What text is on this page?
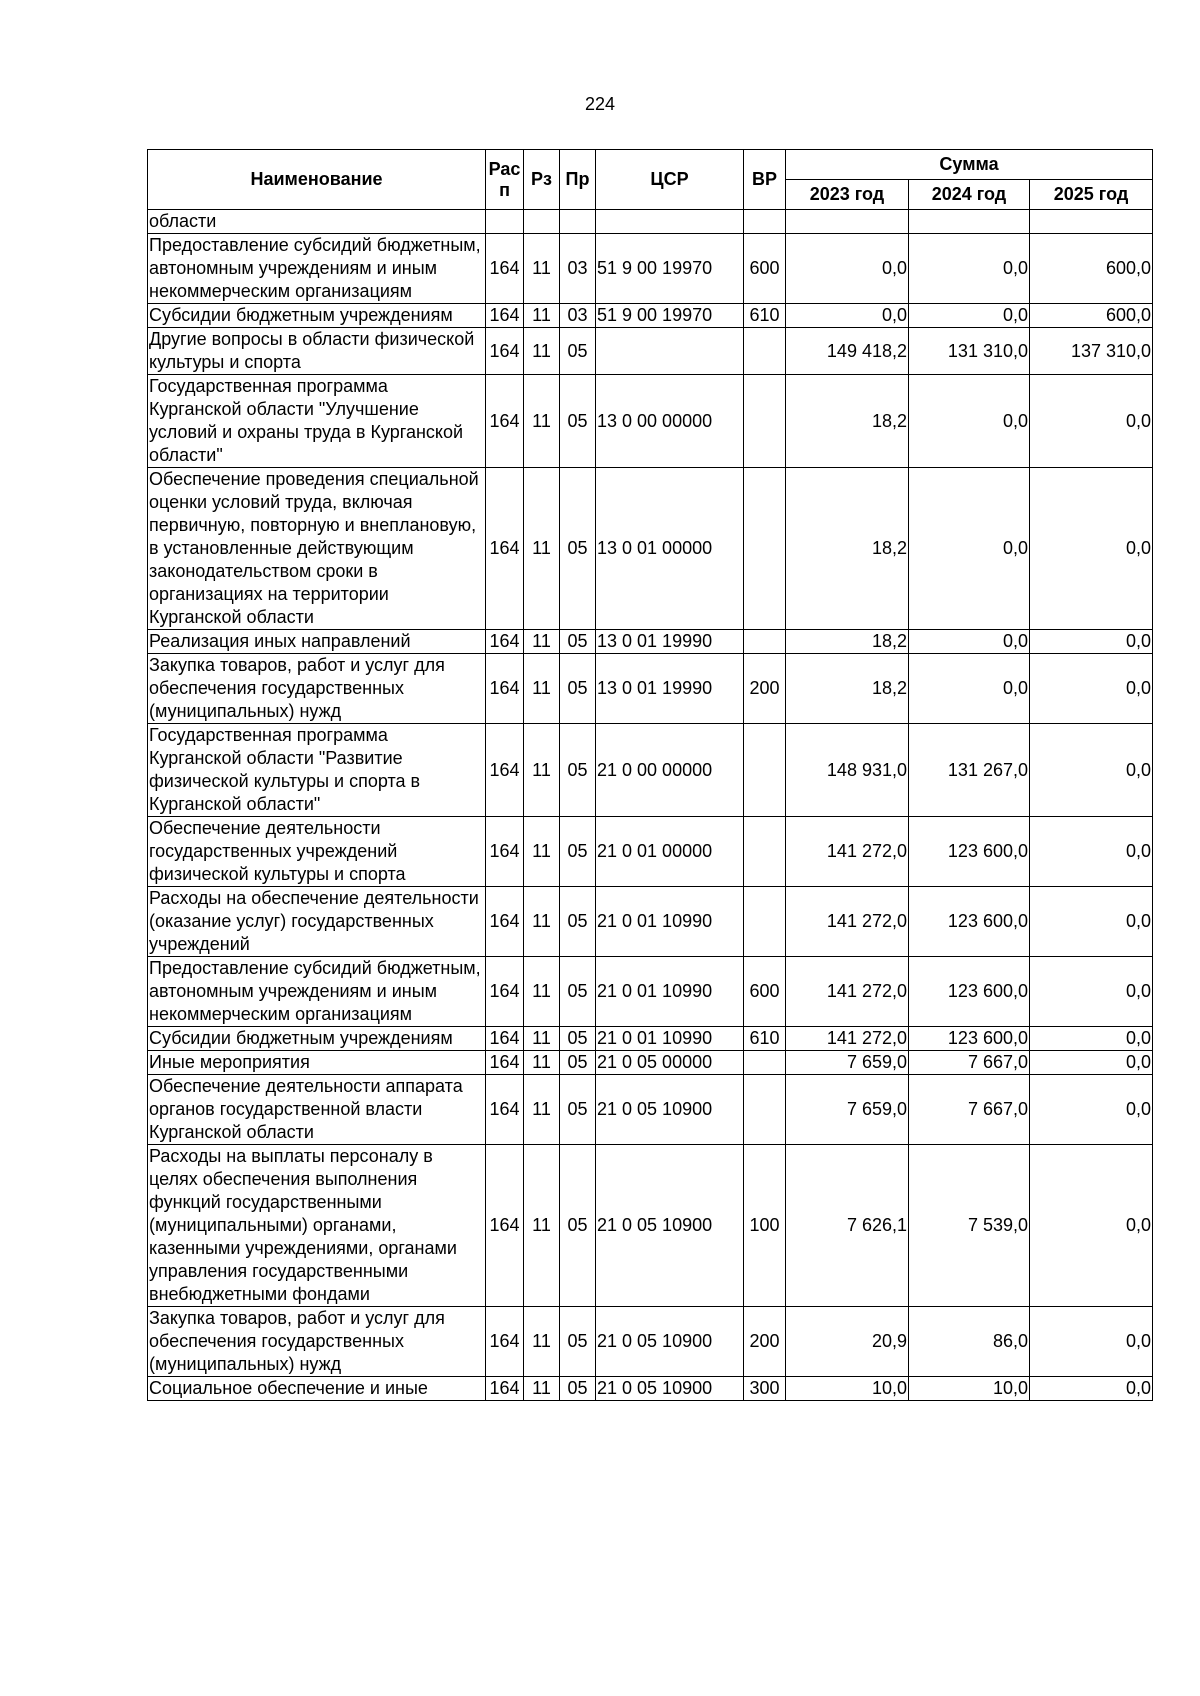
224
Наименование	Рас п	Рз	Пр	ЦСР	ВР	Сумма		
						2023 год	2024 год	2025 год
области								
Предоставление субсидий бюджетным, автономным учреждениям и иным некоммерческим организациям	164	11	03	51 9 00 19970	600	0,0	0,0	600,0
Субсидии бюджетным учреждениям	164	11	03	51 9 00 19970	610	0,0	0,0	600,0
Другие вопросы в области физической культуры и спорта	164	11	05			149 418,2	131 310,0	137 310,0
Государственная программа Курганской области "Улучшение условий и охраны труда в Курганской области"	164	11	05	13 0 00 00000		18,2	0,0	0,0
Обеспечение проведения специальной оценки условий труда, включая первичную, повторную и внеплановую, в установленные действующим законодательством сроки в организациях на территории Курганской области	164	11	05	13 0 01 00000		18,2	0,0	0,0
Реализация иных направлений	164	11	05	13 0 01 19990		18,2	0,0	0,0
Закупка товаров, работ и услуг для обеспечения государственных (муниципальных) нужд	164	11	05	13 0 01 19990	200	18,2	0,0	0,0
Государственная программа Курганской области "Развитие физической культуры и спорта в Курганской области"	164	11	05	21 0 00 00000		148 931,0	131 267,0	0,0
Обеспечение деятельности государственных учреждений физической культуры и спорта	164	11	05	21 0 01 00000		141 272,0	123 600,0	0,0
Расходы на обеспечение деятельности (оказание услуг) государственных учреждений	164	11	05	21 0 01 10990		141 272,0	123 600,0	0,0
Предоставление субсидий бюджетным, автономным учреждениям и иным некоммерческим организациям	164	11	05	21 0 01 10990	600	141 272,0	123 600,0	0,0
Субсидии бюджетным учреждениям	164	11	05	21 0 01 10990	610	141 272,0	123 600,0	0,0
Иные мероприятия	164	11	05	21 0 05 00000		7 659,0	7 667,0	0,0
Обеспечение деятельности аппарата органов государственной власти Курганской области	164	11	05	21 0 05 10900		7 659,0	7 667,0	0,0
Расходы на выплаты персоналу в целях обеспечения выполнения функций государственными (муниципальными) органами, казенными учреждениями, органами управления государственными внебюджетными фондами	164	11	05	21 0 05 10900	100	7 626,1	7 539,0	0,0
Закупка товаров, работ и услуг для обеспечения государственных (муниципальных) нужд	164	11	05	21 0 05 10900	200	20,9	86,0	0,0
Социальное обеспечение и иные	164	11	05	21 0 05 10900	300	10,0	10,0	0,0
